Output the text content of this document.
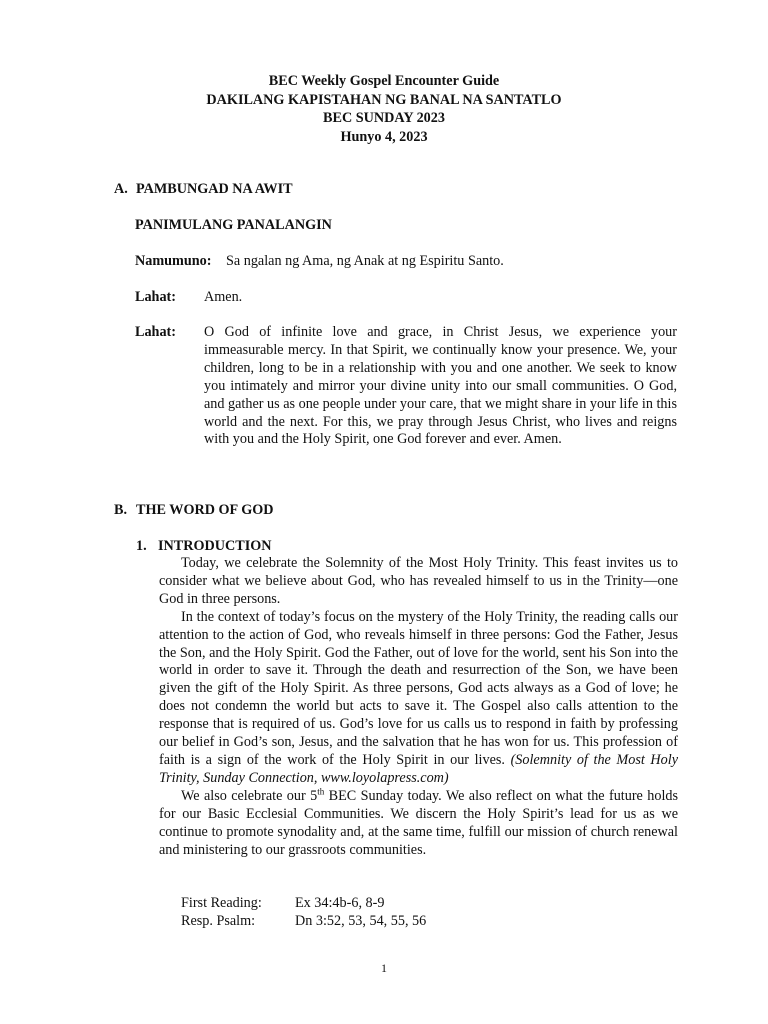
BEC Weekly Gospel Encounter Guide
DAKILANG KAPISTAHAN NG BANAL NA SANTATLO
BEC SUNDAY 2023
Hunyo 4, 2023
A. PAMBUNGAD NA AWIT
PANIMULANG PANALANGIN
Namumuno: Sa ngalan ng Ama, ng Anak at ng Espiritu Santo.
Lahat: Amen.
Lahat: O God of infinite love and grace, in Christ Jesus, we experience your immeasurable mercy. In that Spirit, we continually know your presence. We, your children, long to be in a relationship with you and one another. We seek to know you intimately and mirror your divine unity into our small communities. O God, and gather us as one people under your care, that we might share in your life in this world and the next. For this, we pray through Jesus Christ, who lives and reigns with you and the Holy Spirit, one God forever and ever. Amen.
B. THE WORD OF GOD
1. INTRODUCTION

Today, we celebrate the Solemnity of the Most Holy Trinity. This feast invites us to consider what we believe about God, who has revealed himself to us in the Trinity—one God in three persons.

In the context of today’s focus on the mystery of the Holy Trinity, the reading calls our attention to the action of God, who reveals himself in three persons: God the Father, Jesus the Son, and the Holy Spirit. God the Father, out of love for the world, sent his Son into the world in order to save it. Through the death and resurrection of the Son, we have been given the gift of the Holy Spirit. As three persons, God acts always as a God of love; he does not condemn the world but acts to save it. The Gospel also calls attention to the response that is required of us. God’s love for us calls us to respond in faith by professing our belief in God’s son, Jesus, and the salvation that he has won for us. This profession of faith is a sign of the work of the Holy Spirit in our lives. (Solemnity of the Most Holy Trinity, Sunday Connection, www.loyolapress.com)

We also celebrate our 5th BEC Sunday today. We also reflect on what the future holds for our Basic Ecclesial Communities. We discern the Holy Spirit’s lead for us as we continue to promote synodality and, at the same time, fulfill our mission of church renewal and ministering to our grassroots communities.

First Reading:	Ex 34:4b-6, 8-9
Resp. Psalm:	Dn 3:52, 53, 54, 55, 56
1
